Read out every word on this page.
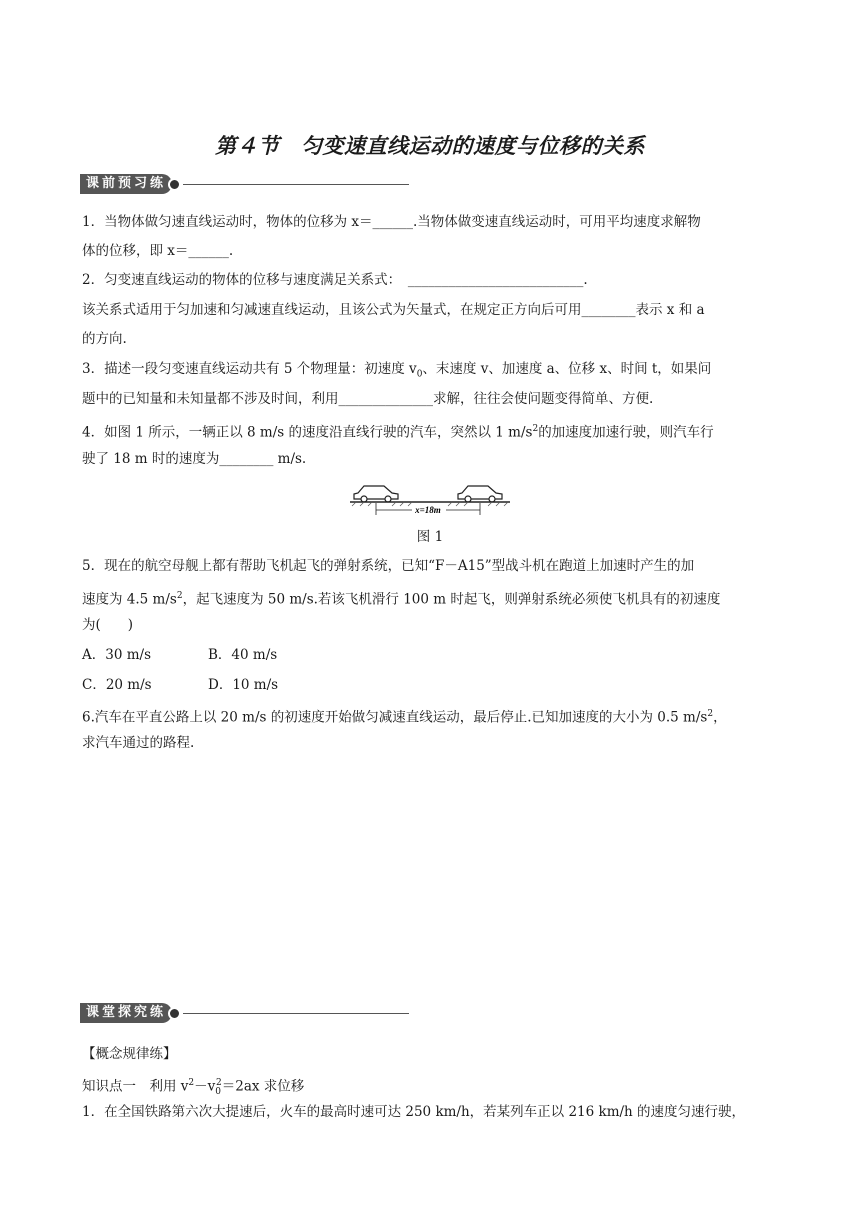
第４节　匀变速直线运动的速度与位移的关系
课前预习练
1．当物体做匀速直线运动时，物体的位移为 x＝______.当物体做变速直线运动时，可用平均速度求解物
体的位移，即 x＝______.
2．匀变速直线运动的物体的位移与速度满足关系式：　__________________________.
该关系式适用于匀加速和匀减速直线运动，且该公式为矢量式，在规定正方向后可用________表示 x 和 a
的方向.
3．描述一段匀变速直线运动共有 5 个物理量：初速度 $v_0$、末速度 v、加速度 a、位移 x、时间 t，如果问
题中的已知量和未知量都不涉及时间，利用______________求解，往往会使问题变得简单、方便.
4．如图 1 所示，一辆正以 8 m/s 的速度沿直线行驶的汽车，突然以 1 $m/s^2$的加速度加速行驶，则汽车行
驶了 18 m 时的速度为________ m/s.
x=18m
图 1
5．现在的航空母舰上都有帮助飞机起飞的弹射系统，已知“F－A15”型战斗机在跑道上加速时产生的加
速度为 4.5 $m/s^2$，起飞速度为 50 m/s.若该飞机滑行 100 m 时起飞，则弹射系统必须使飞机具有的初速度
为(　　)
A．30 m/s	B．40 m/s
C．20 m/s	D．10 m/s
6.汽车在平直公路上以 20 m/s 的初速度开始做匀减速直线运动，最后停止.已知加速度的大小为 0.5 $m/s^2$，
求汽车通过的路程.
课堂探究练
【概念规律练】
知识点一　利用 $v^2-v_0^2=2ax$ 求位移
1．在全国铁路第六次大提速后，火车的最高时速可达 250 km/h，若某列车正以 216 km/h 的速度匀速行驶，
